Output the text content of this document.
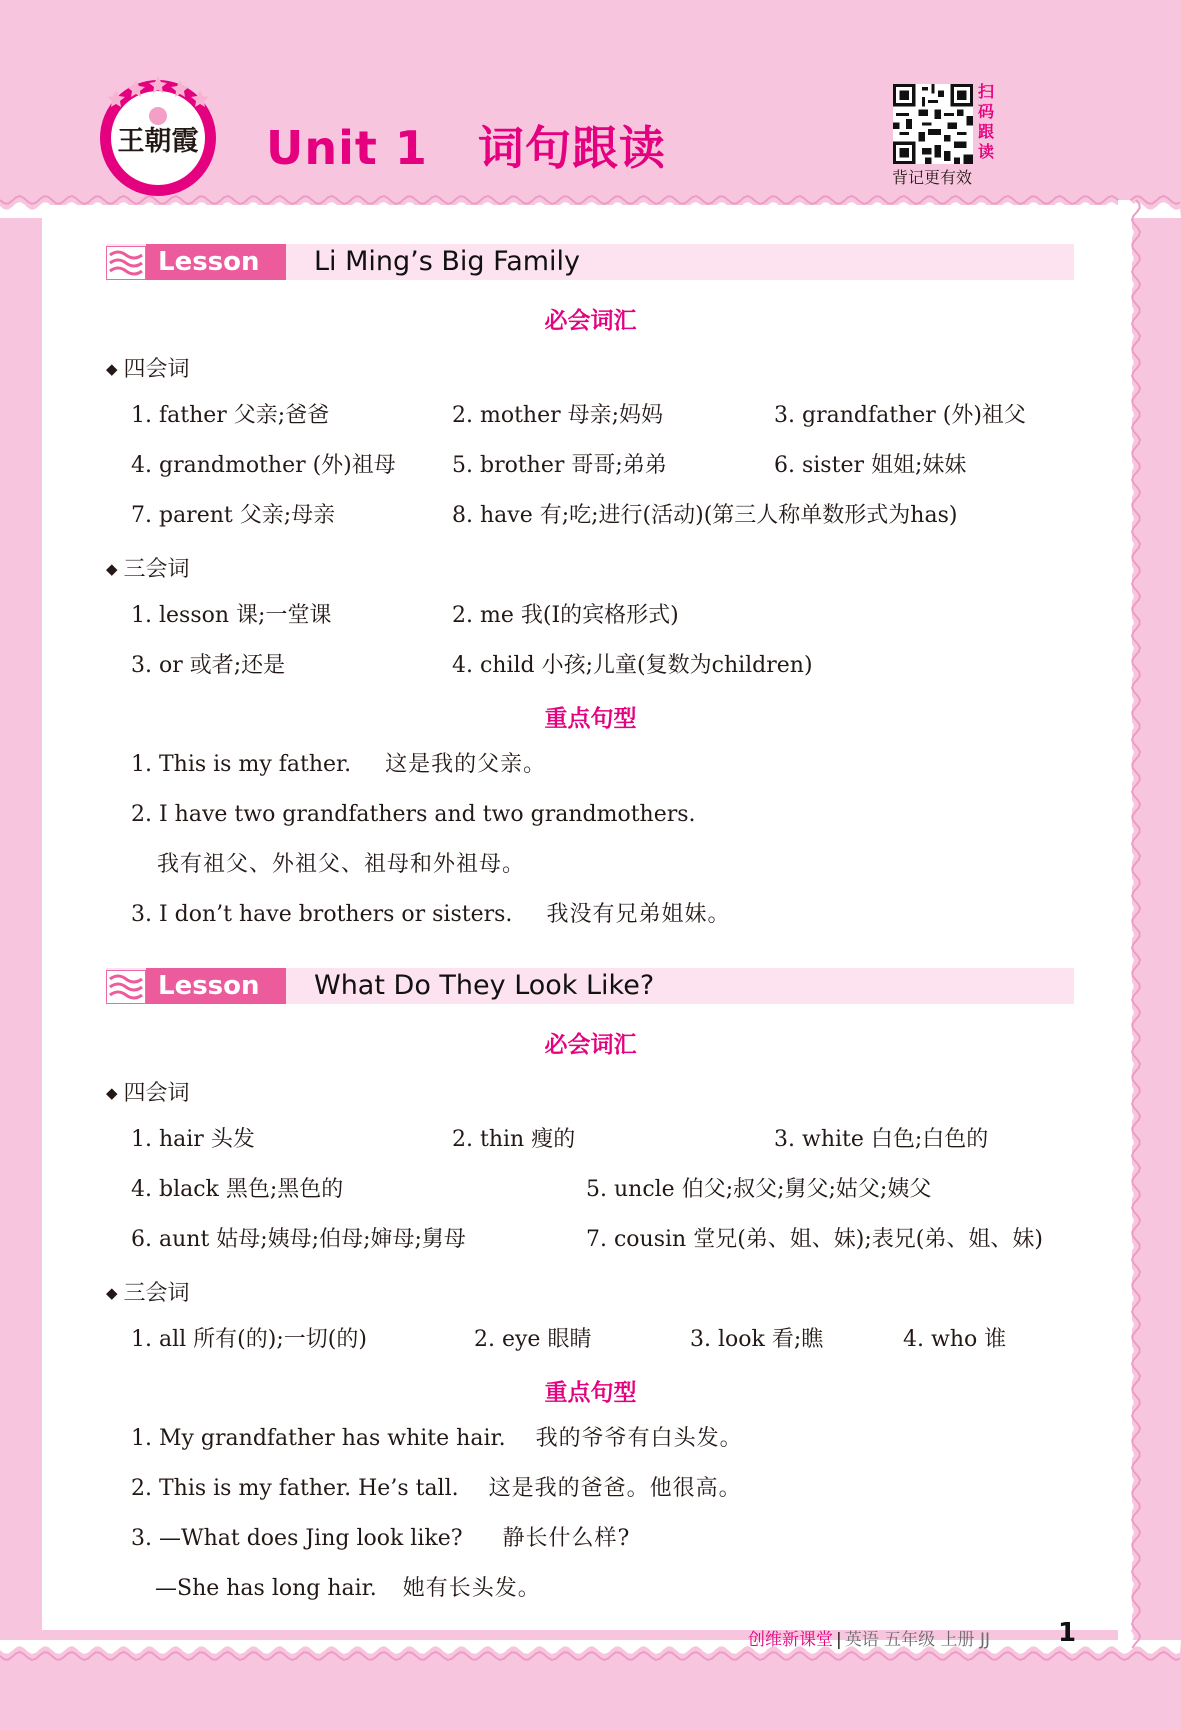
王朝霞 Unit 1 词句跟读
扫
码
跟
读
背记更有效
Lesson 1
Li Ming’s Big Family
必会词汇
◆ 四会词
1. father 父亲;爸爸	2. mother 母亲;妈妈	3. grandfather (外)祖父
4. grandmother (外)祖母	5. brother 哥哥;弟弟	6. sister 姐姐;妹妹
7. parent 父亲;母亲	8. have 有;吃;进行(活动)(第三人称单数形式为has)
◆ 三会词
1. lesson 课;一堂课	2. me 我(I的宾格形式)
3. or 或者;还是	4. child 小孩;儿童(复数为children)
重点句型
1. This is my father. 这是我的父亲。
2. I have two grandfathers and two grandmothers.
我有祖父、外祖父、祖母和外祖母。
3. I don’t have brothers or sisters. 我没有兄弟姐妹。
Lesson 2
What Do They Look Like?
必会词汇
◆ 四会词
1. hair 头发	2. thin 瘦的	3. white 白色;白色的
4. black 黑色;黑色的	5. uncle 伯父;叔父;舅父;姑父;姨父
6. aunt 姑母;姨母;伯母;婶母;舅母	7. cousin 堂兄(弟、姐、妹);表兄(弟、姐、妹)
◆ 三会词
1. all 所有(的);一切(的)	2. eye 眼睛	3. look 看;瞧	4. who 谁
重点句型
1. My grandfather has white hair. 我的爷爷有白头发。
2. This is my father. He’s tall. 这是我的爸爸。他很高。
3. —What does Jing look like? 静长什么样?
—She has long hair. 她有长头发。
创维新课堂 | 英语 五年级 上册 JJ	1
